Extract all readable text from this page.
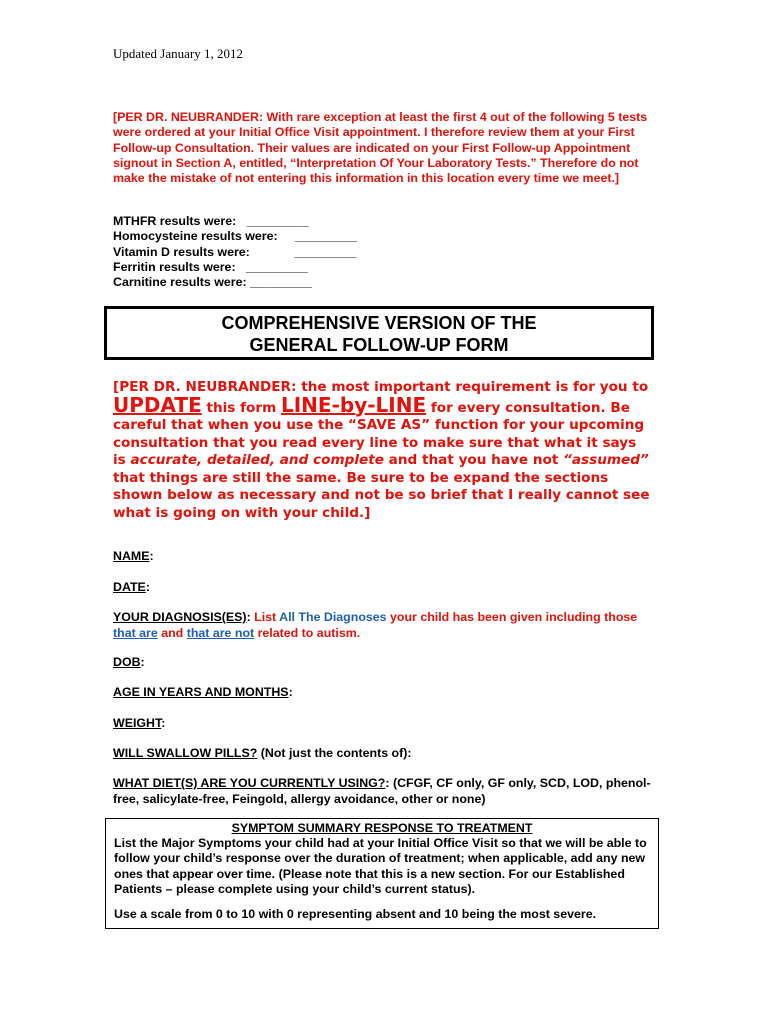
Updated January 1, 2012
[PER DR. NEUBRANDER: With rare exception at least the first 4 out of the following 5 tests were ordered at your Initial Office Visit appointment. I therefore review them at your First Follow-up Consultation. Their values are indicated on your First Follow-up Appointment signout in Section A, entitled, “Interpretation Of Your Laboratory Tests.” Therefore do not make the mistake of not entering this information in this location every time we meet.]
MTHFR results were:   _________
Homocysteine results were:     _________
Vitamin D results were:             _________
Ferritin results were:   _________
Carnitine results were: _________
COMPREHENSIVE VERSION OF THE
GENERAL FOLLOW-UP FORM
[PER DR. NEUBRANDER: the most important requirement is for you to UPDATE this form LINE-by-LINE for every consultation. Be careful that when you use the “SAVE AS” function for your upcoming consultation that you read every line to make sure that what it says is accurate, detailed, and complete and that you have not “assumed” that things are still the same. Be sure to be expand the sections shown below as necessary and not be so brief that I really cannot see what is going on with your child.]
NAME:
DATE:
YOUR DIAGNOSIS(ES): List All The Diagnoses your child has been given including those that are and that are not related to autism.
DOB:
AGE IN YEARS AND MONTHS:
WEIGHT:
WILL SWALLOW PILLS? (Not just the contents of):
WHAT DIET(S) ARE YOU CURRENTLY USING?: (CFGF, CF only, GF only, SCD, LOD, phenol-free, salicylate-free, Feingold, allergy avoidance, other or none)
SYMPTOM SUMMARY RESPONSE TO TREATMENT
List the Major Symptoms your child had at your Initial Office Visit so that we will be able to follow your child’s response over the duration of treatment; when applicable, add any new ones that appear over time. (Please note that this is a new section. For our Established Patients – please complete using your child’s current status).
Use a scale from 0 to 10 with 0 representing absent and 10 being the most severe.
